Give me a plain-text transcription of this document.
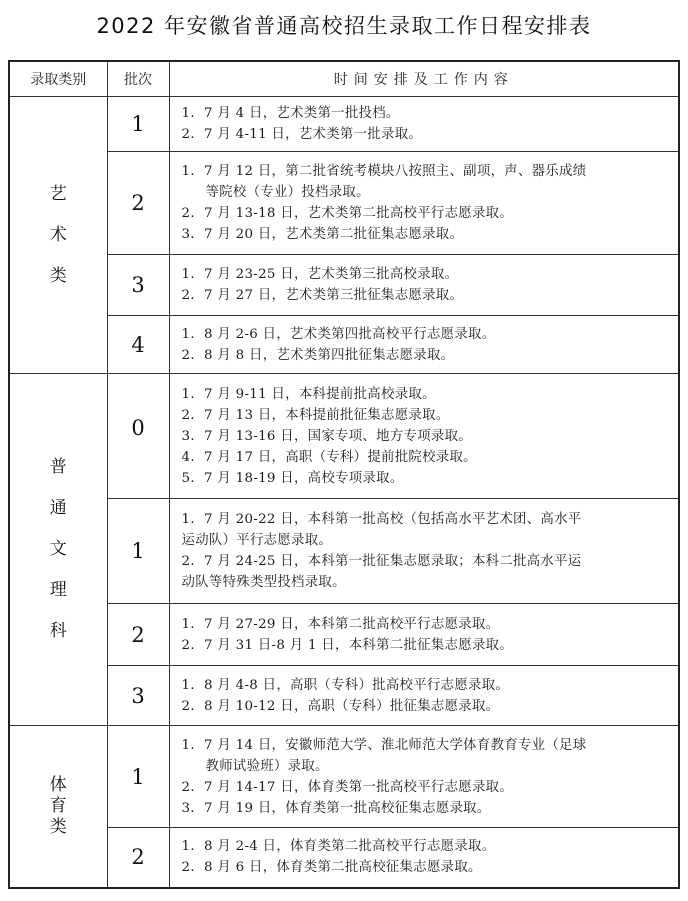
2022 年安徽省普通高校招生录取工作日程安排表
录取类别	批次	时间安排及工作内容

艺
术
类	1	1．7 月 4 日，艺术类第一批投档。
2．7 月 4-11 日，艺术类第一批录取。

	2	1．7 月 12 日，第二批省统考模块八按照主、副项，声、器乐成绩
等院校（专业）投档录取。
2．7 月 13-18 日，艺术类第二批高校平行志愿录取。
3．7 月 20 日，艺术类第二批征集志愿录取。

	3	1．7 月 23-25 日，艺术类第三批高校录取。
2．7 月 27 日，艺术类第三批征集志愿录取。

	4	1．8 月 2-6 日，艺术类第四批高校平行志愿录取。
2．8 月 8 日，艺术类第四批征集志愿录取。

普
通
文
理
科	0	1．7 月 9-11 日，本科提前批高校录取。
2．7 月 13 日，本科提前批征集志愿录取。
3．7 月 13-16 日，国家专项、地方专项录取。
4．7 月 17 日，高职（专科）提前批院校录取。
5．7 月 18-19 日，高校专项录取。

	1	1．7 月 20-22 日，本科第一批高校（包括高水平艺术团、高水平
运动队）平行志愿录取。
2．7 月 24-25 日，本科第一批征集志愿录取；本科二批高水平运
动队等特殊类型投档录取。

	2	1．7 月 27-29 日，本科第二批高校平行志愿录取。
2．7 月 31 日-8 月 1 日，本科第二批征集志愿录取。

	3	1．8 月 4-8 日，高职（专科）批高校平行志愿录取。
2．8 月 10-12 日，高职（专科）批征集志愿录取。

体
育
类	1	1．7 月 14 日，安徽师范大学、淮北师范大学体育教育专业（足球
教师试验班）录取。
2．7 月 14-17 日，体育类第一批高校平行志愿录取。
3．7 月 19 日，体育类第一批高校征集志愿录取。

	2	1．8 月 2-4 日，体育类第二批高校平行志愿录取。
2．8 月 6 日，体育类第二批高校征集志愿录取。
